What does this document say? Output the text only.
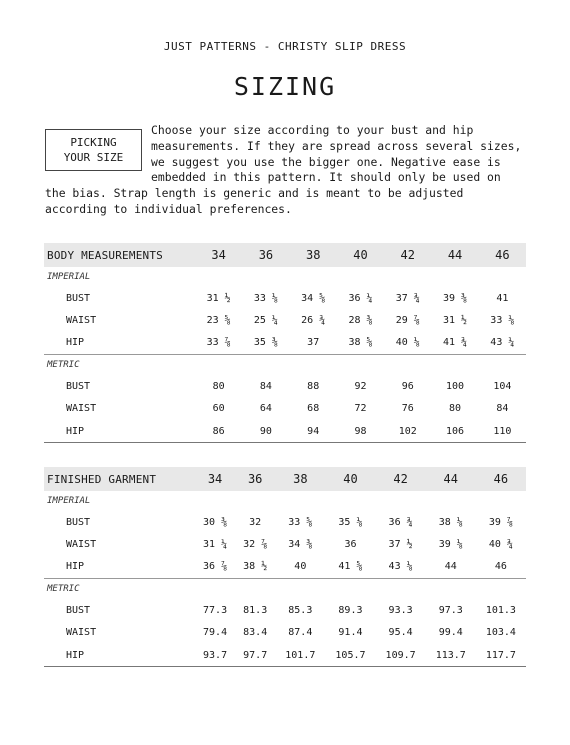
JUST PATTERNS - CHRISTY SLIP DRESS
SIZING
Choose your size according to your bust and hip measurements. If they are spread across several sizes, we suggest you use the bigger one. Negative ease is embedded in this pattern. It should only be used on the bias. Strap length is generic and is meant to be adjusted according to individual preferences.
PICKING
YOUR SIZE
BODY MEASUREMENTS	34	36	38	40	42	44	46
IMPERIAL							
BUST	31 ½	33 ⅛	34 ⅝	36 ¼	37 ¾	39 ⅜	41
WAIST	23 ⅝	25 ¼	26 ¾	28 ⅜	29 ⅞	31 ½	33 ⅛
HIP	33 ⅞	35 ⅜	37	38 ⅝	40 ⅛	41 ¾	43 ¼
METRIC							
BUST	80	84	88	92	96	100	104
WAIST	60	64	68	72	76	80	84
HIP	86	90	94	98	102	106	110
FINISHED GARMENT	34	36	38	40	42	44	46
IMPERIAL							
BUST	30 ⅜	32	33 ⅝	35 ⅛	36 ¾	38 ⅛	39 ⅞
WAIST	31 ¼	32 ⅞	34 ⅜	36	37 ½	39 ⅛	40 ¾
HIP	36 ⅞	38 ½	40	41 ⅝	43 ⅛	44	46
METRIC							
BUST	77.3	81.3	85.3	89.3	93.3	97.3	101.3
WAIST	79.4	83.4	87.4	91.4	95.4	99.4	103.4
HIP	93.7	97.7	101.7	105.7	109.7	113.7	117.7
